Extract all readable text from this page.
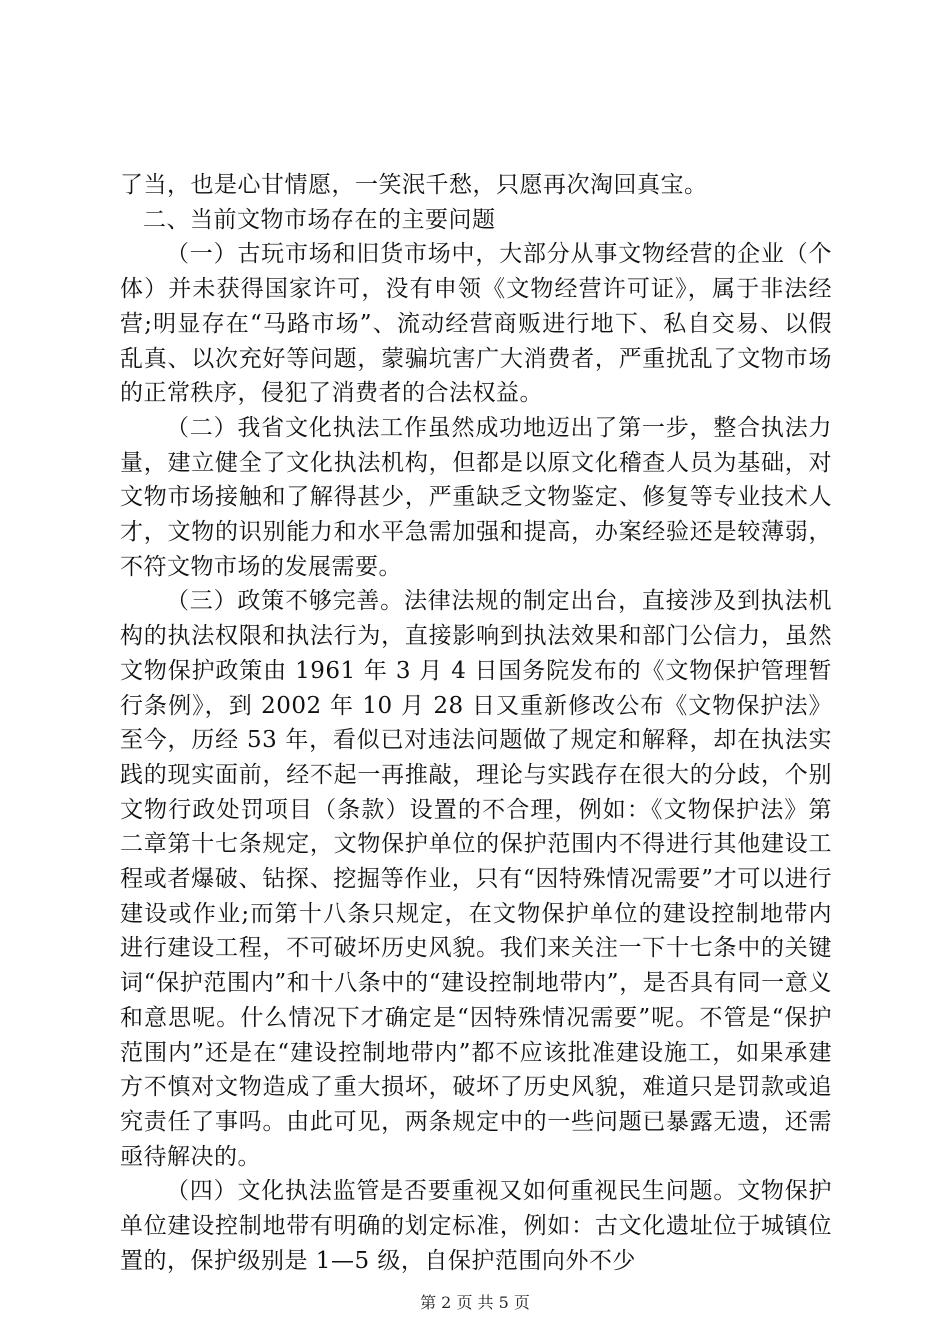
了当，也是心甘情愿，一笑泯千愁，只愿再次淘回真宝。

二、当前文物市场存在的主要问题

（一）古玩市场和旧货市场中，大部分从事文物经营的企业（个体）并未获得国家许可，没有申领《文物经营许可证》，属于非法经营;明显存在“马路市场”、流动经营商贩进行地下、私自交易、以假乱真、以次充好等问题，蒙骗坑害广大消费者，严重扰乱了文物市场的正常秩序，侵犯了消费者的合法权益。

（二）我省文化执法工作虽然成功地迈出了第一步，整合执法力量，建立健全了文化执法机构，但都是以原文化稽查人员为基础，对文物市场接触和了解得甚少，严重缺乏文物鉴定、修复等专业技术人才，文物的识别能力和水平急需加强和提高，办案经验还是较薄弱，不符文物市场的发展需要。

（三）政策不够完善。法律法规的制定出台，直接涉及到执法机构的执法权限和执法行为，直接影响到执法效果和部门公信力，虽然文物保护政策由 1961 年 3 月 4 日国务院发布的《文物保护管理暂行条例》，到 2002 年 10 月 28 日又重新修改公布《文物保护法》至今，历经 53 年，看似已对违法问题做了规定和解释，却在执法实践的现实面前，经不起一再推敲，理论与实践存在很大的分歧，个别文物行政处罚项目（条款）设置的不合理，例如：《文物保护法》第二章第十七条规定，文物保护单位的保护范围内不得进行其他建设工程或者爆破、钻探、挖掘等作业，只有“因特殊情况需要”才可以进行建设或作业;而第十八条只规定，在文物保护单位的建设控制地带内进行建设工程，不可破坏历史风貌。我们来关注一下十七条中的关键词“保护范围内”和十八条中的“建设控制地带内”，是否具有同一意义和意思呢。什么情况下才确定是“因特殊情况需要”呢。不管是“保护范围内”还是在“建设控制地带内”都不应该批准建设施工，如果承建方不慎对文物造成了重大损坏，破坏了历史风貌，难道只是罚款或追究责任了事吗。由此可见，两条规定中的一些问题已暴露无遗，还需亟待解决的。

（四）文化执法监管是否要重视又如何重视民生问题。文物保护单位建设控制地带有明确的划定标准，例如：古文化遗址位于城镇位置的，保护级别是 1—5 级，自保护范围向外不少

第 2 页 共 5 页
